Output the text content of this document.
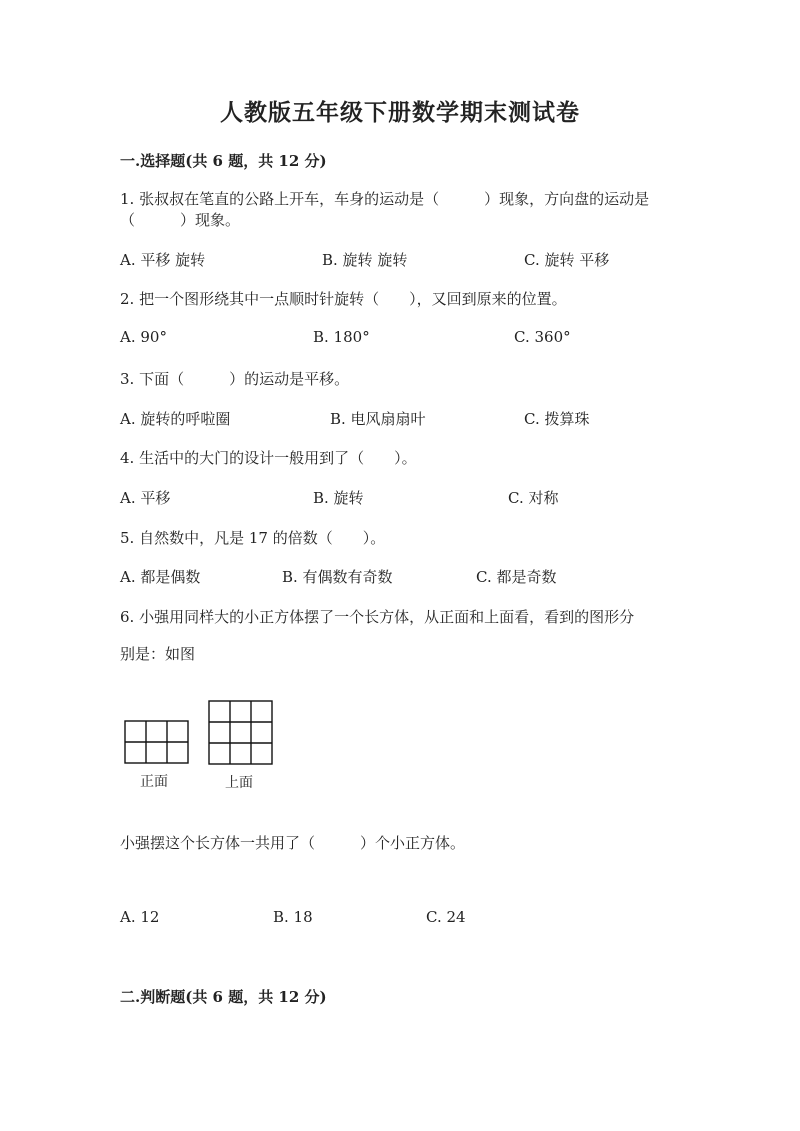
人教版五年级下册数学期末测试卷
一.选择题(共 6 题，共 12 分)
1. 张叔叔在笔直的公路上开车，车身的运动是（　　　）现象，方向盘的运动是
（　　　）现象。
A. 平移 旋转	B. 旋转 旋转	C. 旋转 平移
2. 把一个图形绕其中一点顺时针旋转（　　），又回到原来的位置。
A. 90°	B. 180°	C. 360°
3. 下面（　　　）的运动是平移。
A. 旋转的呼啦圈	B. 电风扇扇叶	C. 拨算珠
4. 生活中的大门的设计一般用到了（　　）。
A. 平移	B. 旋转	C. 对称
5. 自然数中，凡是 17 的倍数（　　）。
A. 都是偶数	B. 有偶数有奇数	C. 都是奇数
6. 小强用同样大的小正方体摆了一个长方体，从正面和上面看，看到的图形分
别是：如图
正面	上面
小强摆这个长方体一共用了（　　　）个小正方体。
A. 12	B. 18	C. 24
二.判断题(共 6 题，共 12 分)
